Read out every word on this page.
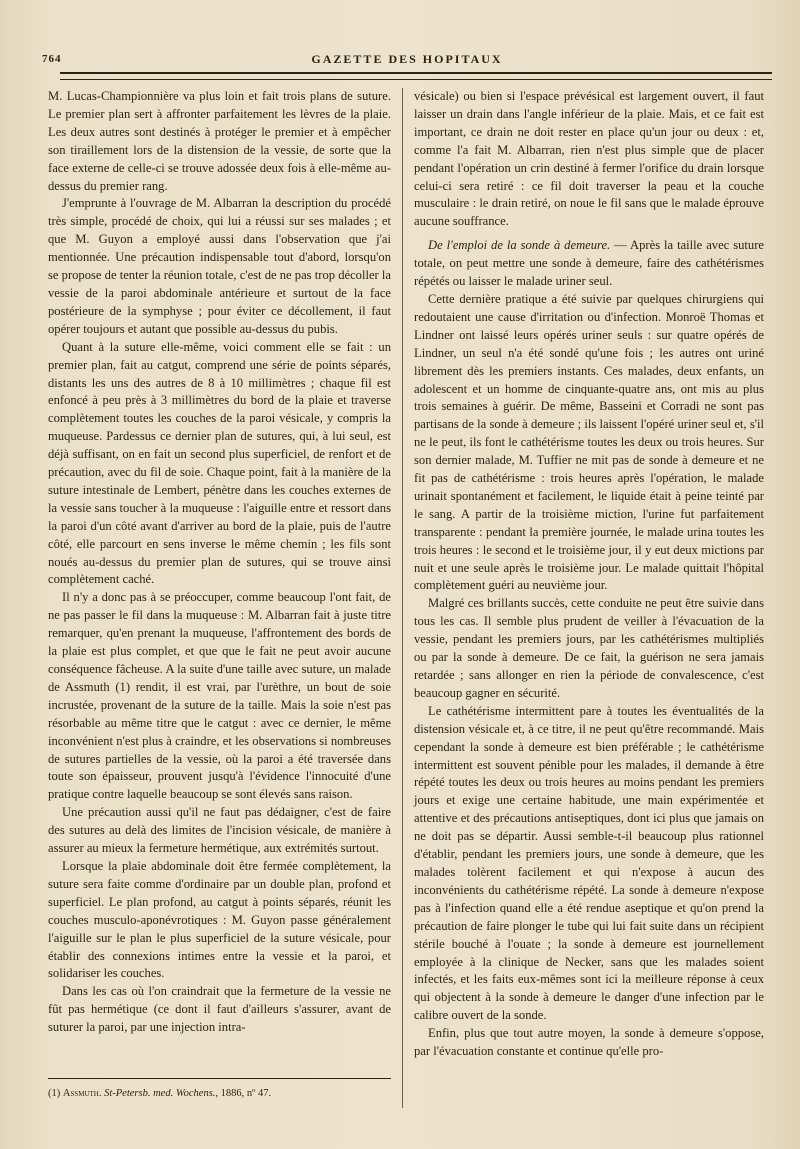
764	GAZETTE DES HOPITAUX

M. Lucas-Championnière va plus loin et fait trois plans de suture. Le premier plan sert à affronter parfaitement les lèvres de la plaie. Les deux autres sont destinés à protéger le premier et à empêcher son tiraillement lors de la distension de la vessie, de sorte que la face externe de celle-ci se trouve adossée deux fois à elle-même au-dessus du premier rang.

J'emprunte à l'ouvrage de M. Albarran la description du procédé très simple, procédé de choix, qui lui a réussi sur ses malades ; et que M. Guyon a employé aussi dans l'observation que j'ai mentionnée. Une précaution indispensable tout d'abord, lorsqu'on se propose de tenter la réunion totale, c'est de ne pas trop décoller la vessie de la paroi abdominale antérieure et surtout de la face postérieure de la symphyse ; pour éviter ce décollement, il faut opérer toujours et autant que possible au-dessus du pubis.

Quant à la suture elle-même, voici comment elle se fait : un premier plan, fait au catgut, comprend une série de points séparés, distants les uns des autres de 8 à 10 millimètres ; chaque fil est enfoncé à peu près à 3 millimètres du bord de la plaie et traverse complètement toutes les couches de la paroi vésicale, y compris la muqueuse. Pardessus ce dernier plan de sutures, qui, à lui seul, est déjà suffisant, on en fait un second plus superficiel, de renfort et de précaution, avec du fil de soie. Chaque point, fait à la manière de la suture intestinale de Lembert, pénètre dans les couches externes de la vessie sans toucher à la muqueuse : l'aiguille entre et ressort dans la paroi d'un côté avant d'arriver au bord de la plaie, puis de l'autre côté, elle parcourt en sens inverse le même chemin ; les fils sont noués au-dessus du premier plan de sutures, qui se trouve ainsi complètement caché.

Il n'y a donc pas à se préoccuper, comme beaucoup l'ont fait, de ne pas passer le fil dans la muqueuse : M. Albarran fait à juste titre remarquer, qu'en prenant la muqueuse, l'affrontement des bords de la plaie est plus complet, et que que le fait ne peut avoir aucune conséquence fâcheuse. A la suite d'une taille avec suture, un malade de Assmuth (1) rendit, il est vrai, par l'urèthre, un bout de soie incrustée, provenant de la suture de la taille. Mais la soie n'est pas résorbable au même titre que le catgut : avec ce dernier, le même inconvénient n'est plus à craindre, et les observations si nombreuses de sutures partielles de la vessie, où la paroi a été traversée dans toute son épaisseur, prouvent jusqu'à l'évidence l'innocuité d'une pratique contre laquelle beaucoup se sont élevés sans raison.

Une précaution aussi qu'il ne faut pas dédaigner, c'est de faire des sutures au delà des limites de l'incision vésicale, de manière à assurer au mieux la fermeture hermétique, aux extrémités surtout.

Lorsque la plaie abdominale doit être fermée complètement, la suture sera faite comme d'ordinaire par un double plan, profond et superficiel. Le plan profond, au catgut à points séparés, réunit les couches musculo-aponévrotiques : M. Guyon passe généralement l'aiguille sur le plan le plus superficiel de la suture vésicale, pour établir des connexions intimes entre la vessie et la paroi, et solidariser les couches.

Dans les cas où l'on craindrait que la fermeture de la vessie ne fût pas hermétique (ce dont il faut d'ailleurs s'assurer, avant de suturer la paroi, par une injection intra-

(1) Assmuth. St-Petersb. med. Wochens., 1886, nº 47.

vésicale) ou bien si l'espace prévésical est largement ouvert, il faut laisser un drain dans l'angle inférieur de la plaie. Mais, et ce fait est important, ce drain ne doit rester en place qu'un jour ou deux : et, comme l'a fait M. Albarran, rien n'est plus simple que de placer pendant l'opération un crin destiné à fermer l'orifice du drain lorsque celui-ci sera retiré : ce fil doit traverser la peau et la couche musculaire : le drain retiré, on noue le fil sans que le malade éprouve aucune souffrance.

De l'emploi de la sonde à demeure. — Après la taille avec suture totale, on peut mettre une sonde à demeure, faire des cathétérismes répétés ou laisser le malade uriner seul.

Cette dernière pratique a été suivie par quelques chirurgiens qui redoutaient une cause d'irritation ou d'infection. Monroë Thomas et Lindner ont laissé leurs opérés uriner seuls : sur quatre opérés de Lindner, un seul n'a été sondé qu'une fois ; les autres ont uriné librement dès les premiers instants. Ces malades, deux enfants, un adolescent et un homme de cinquante-quatre ans, ont mis au plus trois semaines à guérir. De même, Basseini et Corradi ne sont pas partisans de la sonde à demeure ; ils laissent l'opéré uriner seul et, s'il ne le peut, ils font le cathétérisme toutes les deux ou trois heures. Sur son dernier malade, M. Tuffier ne mit pas de sonde à demeure et ne fit pas de cathétérisme : trois heures après l'opération, le malade urinait spontanément et facilement, le liquide était à peine teinté par le sang. A partir de la troisième miction, l'urine fut parfaitement transparente : pendant la première journée, le malade urina toutes les trois heures : le second et le troisième jour, il y eut deux mictions par nuit et une seule après le troisième jour. Le malade quittait l'hôpital complètement guéri au neuvième jour.

Malgré ces brillants succès, cette conduite ne peut être suivie dans tous les cas. Il semble plus prudent de veiller à l'évacuation de la vessie, pendant les premiers jours, par les cathétérismes multipliés ou par la sonde à demeure. De ce fait, la guérison ne sera jamais retardée ; sans allonger en rien la période de convalescence, c'est beaucoup gagner en sécurité.

Le cathétérisme intermittent pare à toutes les éventualités de la distension vésicale et, à ce titre, il ne peut qu'être recommandé. Mais cependant la sonde à demeure est bien préférable ; le cathétérisme intermittent est souvent pénible pour les malades, il demande à être répété toutes les deux ou trois heures au moins pendant les premiers jours et exige une certaine habitude, une main expérimentée et attentive et des précautions antiseptiques, dont ici plus que jamais on ne doit pas se départir. Aussi semble-t-il beaucoup plus rationnel d'établir, pendant les premiers jours, une sonde à demeure, que les malades tolèrent facilement et qui n'expose à aucun des inconvénients du cathétérisme répété. La sonde à demeure n'expose pas à l'infection quand elle a été rendue aseptique et qu'on prend la précaution de faire plonger le tube qui lui fait suite dans un récipient stérile bouché à l'ouate ; la sonde à demeure est journellement employée à la clinique de Necker, sans que les malades soient infectés, et les faits eux-mêmes sont ici la meilleure réponse à ceux qui objectent à la sonde à demeure le danger d'une infection par le calibre ouvert de la sonde.

Enfin, plus que tout autre moyen, la sonde à demeure s'oppose, par l'évacuation constante et continue qu'elle pro-
